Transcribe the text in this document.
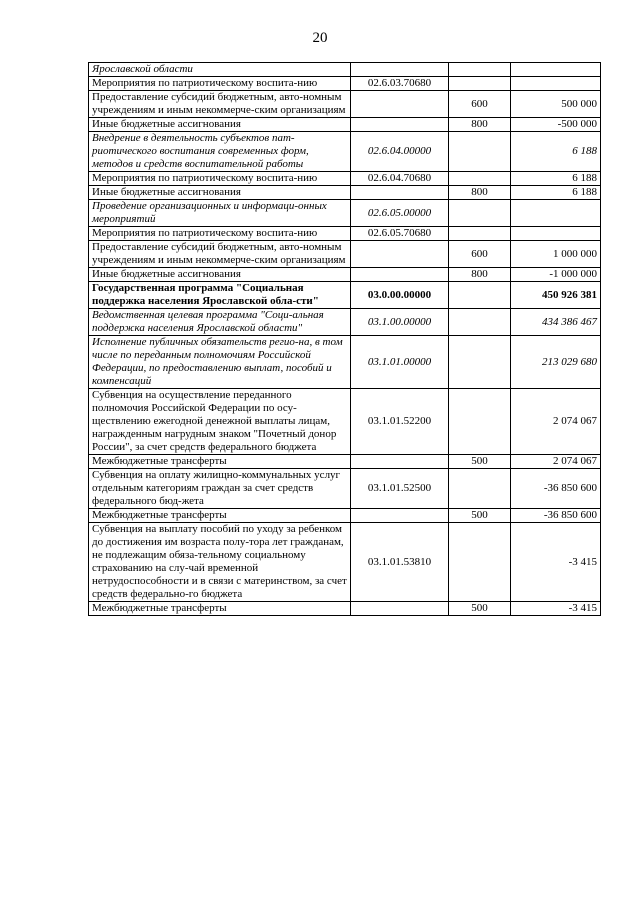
20
Ярославской области			
Мероприятия по патриотическому воспита-нию	02.6.03.70680		
Предоставление субсидий бюджетным, авто-номным учреждениям и иным некоммерче-ским организациям		600	500 000
Иные бюджетные ассигнования		800	-500 000
Внедрение в деятельность субъектов пат-риотического воспитания современных форм, методов и средств воспитательной работы	02.6.04.00000		6 188
Мероприятия по патриотическому воспита-нию	02.6.04.70680		6 188
Иные бюджетные ассигнования		800	6 188
Проведение организационных и информаци-онных мероприятий	02.6.05.00000		
Мероприятия по патриотическому воспита-нию	02.6.05.70680		
Предоставление субсидий бюджетным, авто-номным учреждениям и иным некоммерче-ским организациям		600	1 000 000
Иные бюджетные ассигнования		800	-1 000 000
Государственная программа "Социальная поддержка населения Ярославской обла-сти"	03.0.00.00000		450 926 381
Ведомственная целевая программа "Соци-альная поддержка населения Ярославской области"	03.1.00.00000		434 386 467
Исполнение публичных обязательств регио-на, в том числе по переданным полномочиям Российской Федерации, по предоставлению выплат, пособий и компенсаций	03.1.01.00000		213 029 680
Субвенция на осуществление переданного полномочия Российской Федерации по осу-ществлению ежегодной денежной выплаты лицам, награжденным нагрудным знаком "Почетный донор России", за счет средств федерального бюджета	03.1.01.52200		2 074 067
Межбюджетные трансферты		500	2 074 067
Субвенция на оплату жилищно-коммунальных услуг отдельным категориям граждан за счет средств федерального бюд-жета	03.1.01.52500		-36 850 600
Межбюджетные трансферты		500	-36 850 600
Субвенция на выплату пособий по уходу за ребенком до достижения им возраста полу-тора лет гражданам, не подлежащим обяза-тельному социальному страхованию на слу-чай временной нетрудоспособности и в связи с материнством, за счет средств федерально-го бюджета	03.1.01.53810		-3 415
Межбюджетные трансферты		500	-3 415
